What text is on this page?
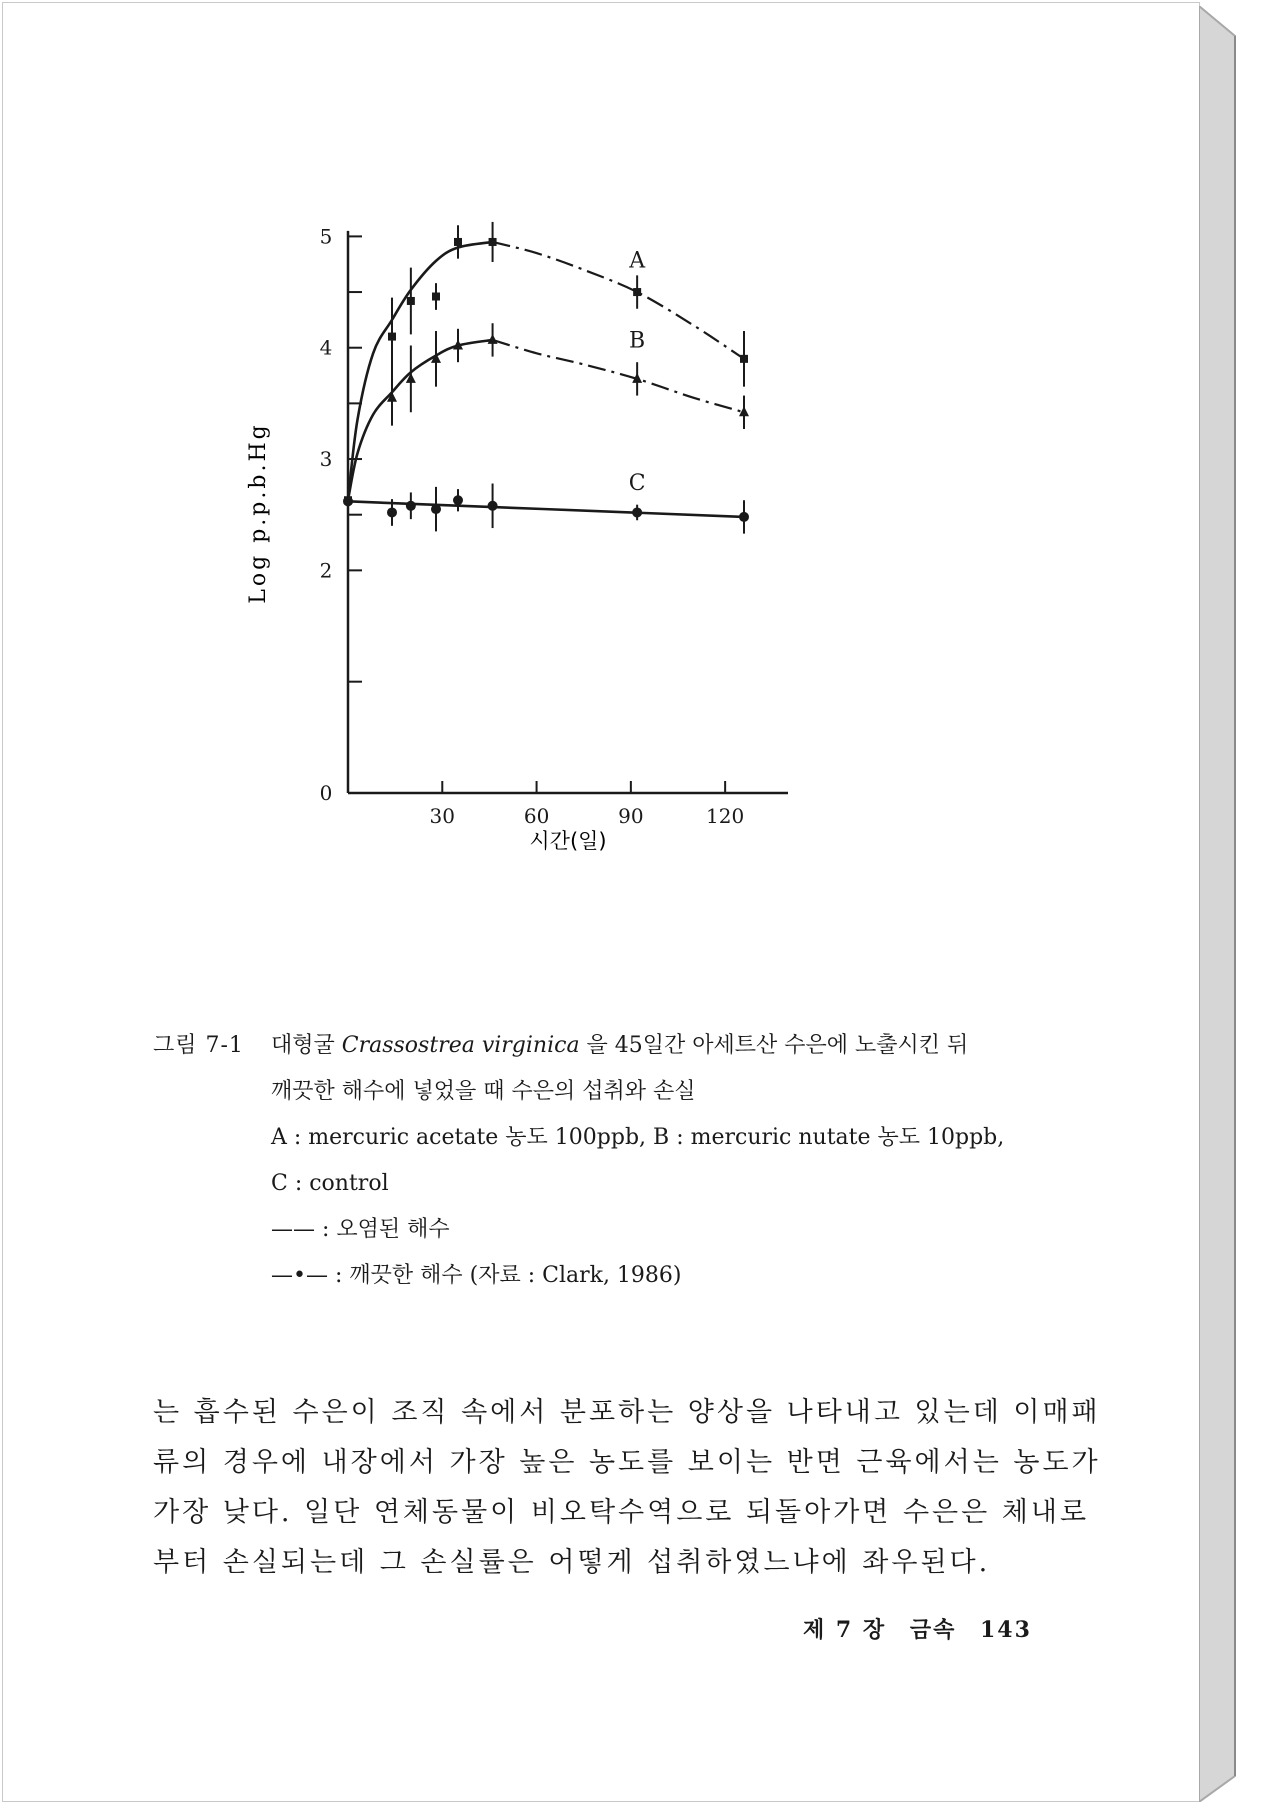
0
2
3
4
5
30	60	90	120
A
B
C
Log p.p.b.Hg
시간(일)
그림 7-1 대형굴 Crassostrea virginica 을 45일간 아세트산 수은에 노출시킨 뒤
깨끗한 해수에 넣었을 때 수은의 섭취와 손실
A : mercuric acetate 농도 100ppb, B : mercuric nutate 농도 10ppb,
C : control
—— : 오염된 해수
—•— : 깨끗한 해수 (자료 : Clark, 1986)
는 흡수된 수은이 조직 속에서 분포하는 양상을 나타내고 있는데 이매패
류의 경우에 내장에서 가장 높은 농도를 보이는 반면 근육에서는 농도가
가장 낮다. 일단 연체동물이 비오탁수역으로 되돌아가면 수은은 체내로
부터 손실되는데 그 손실률은 어떻게 섭취하였느냐에 좌우된다.
제 7 장 금속 143
